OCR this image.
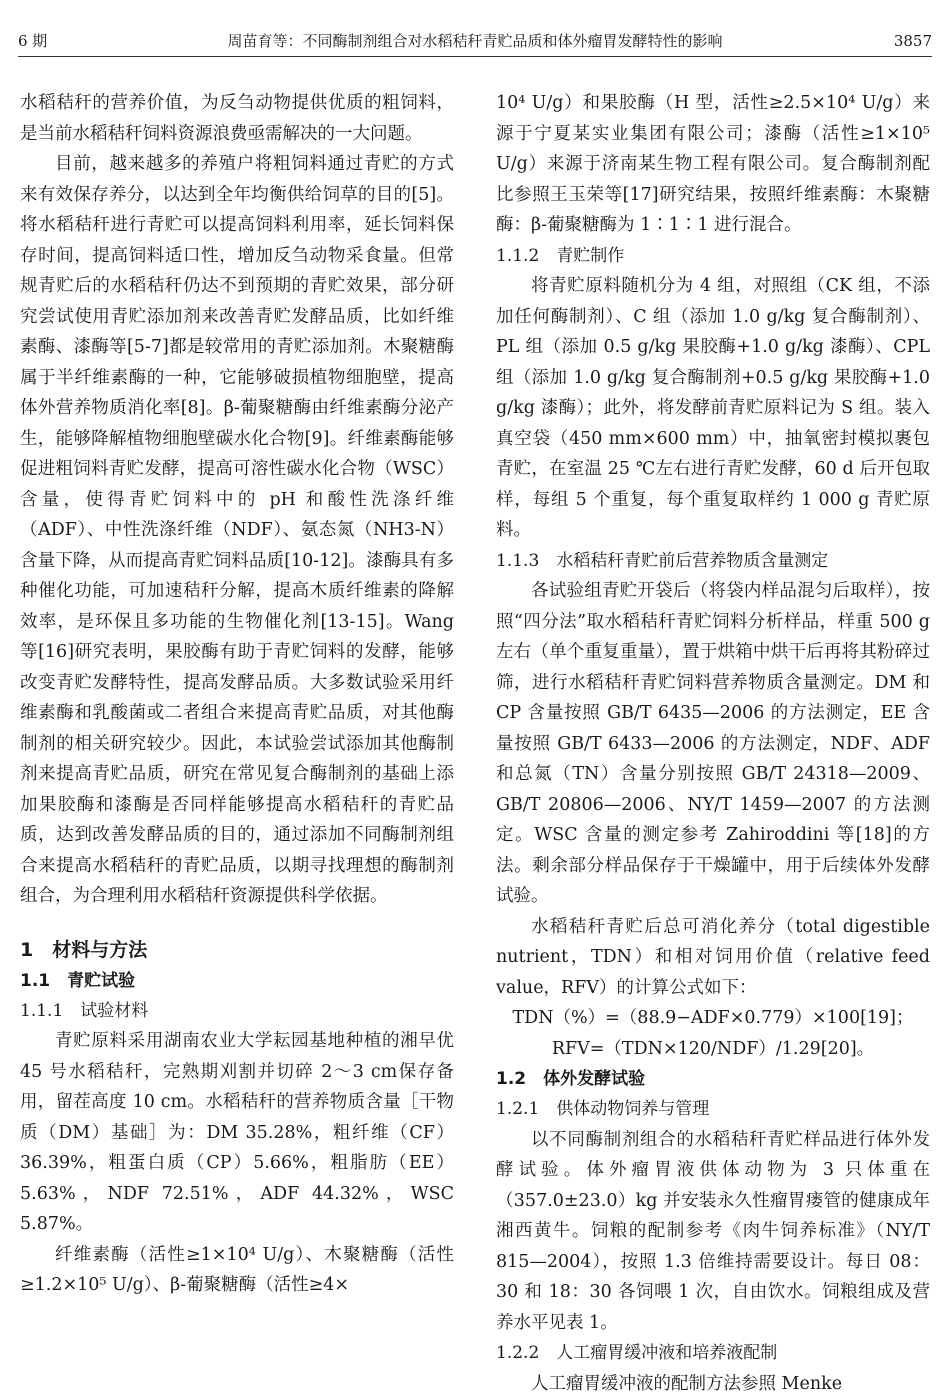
6 期	周苗育等：不同酶制剂组合对水稻秸秆青贮品质和体外瘤胃发酵特性的影响	3857

水稻秸秆的营养价值，为反刍动物提供优质的粗饲料，是当前水稻秸秆饲料资源浪费亟需解决的一大问题。

目前，越来越多的养殖户将粗饲料通过青贮的方式来有效保存养分，以达到全年均衡供给饲草的目的[5]。将水稻秸秆进行青贮可以提高饲料利用率，延长饲料保存时间，提高饲料适口性，增加反刍动物采食量。但常规青贮后的水稻秸秆仍达不到预期的青贮效果，部分研究尝试使用青贮添加剂来改善青贮发酵品质，比如纤维素酶、漆酶等[5-7]都是较常用的青贮添加剂。木聚糖酶属于半纤维素酶的一种，它能够破损植物细胞壁，提高体外营养物质消化率[8]。β-葡聚糖酶由纤维素酶分泌产生，能够降解植物细胞壁碳水化合物[9]。纤维素酶能够促进粗饲料青贮发酵，提高可溶性碳水化合物（WSC）含量，使得青贮饲料中的 pH 和酸性洗涤纤维（ADF）、中性洗涤纤维（NDF）、氨态氮（NH3-N）含量下降，从而提高青贮饲料品质[10-12]。漆酶具有多种催化功能，可加速秸秆分解，提高木质纤维素的降解效率，是环保且多功能的生物催化剂[13-15]。Wang 等[16]研究表明，果胶酶有助于青贮饲料的发酵，能够改变青贮发酵特性，提高发酵品质。大多数试验采用纤维素酶和乳酸菌或二者组合来提高青贮品质，对其他酶制剂的相关研究较少。因此，本试验尝试添加其他酶制剂来提高青贮品质，研究在常见复合酶制剂的基础上添加果胶酶和漆酶是否同样能够提高水稻秸秆的青贮品质，达到改善发酵品质的目的，通过添加不同酶制剂组合来提高水稻秸秆的青贮品质，以期寻找理想的酶制剂组合，为合理利用水稻秸秆资源提供科学依据。

1　材料与方法
1.1　青贮试验
1.1.1　试验材料

青贮原料采用湖南农业大学耘园基地种植的湘早优 45 号水稻秸秆，完熟期刈割并切碎 2～3 cm保存备用，留茬高度 10 cm。水稻秸秆的营养物质含量［干物质（DM）基础］为：DM 35.28%，粗纤维（CF）36.39%，粗蛋白质（CP）5.66%，粗脂肪（EE）5.63%，NDF 72.51%，ADF 44.32%，WSC 5.87%。

纤维素酶（活性≥1×10⁴ U/g）、木聚糖酶（活性≥1.2×10⁵ U/g）、β-葡聚糖酶（活性≥4×

10⁴ U/g）和果胶酶（H 型，活性≥2.5×10⁴ U/g）来源于宁夏某实业集团有限公司；漆酶（活性≥1×10⁵ U/g）来源于济南某生物工程有限公司。复合酶制剂配比参照王玉荣等[17]研究结果，按照纤维素酶：木聚糖酶：β-葡聚糖酶为 1∶1∶1 进行混合。

1.1.2　青贮制作

将青贮原料随机分为 4 组，对照组（CK 组，不添加任何酶制剂）、C 组（添加 1.0 g/kg 复合酶制剂）、PL 组（添加 0.5 g/kg 果胶酶+1.0 g/kg 漆酶）、CPL 组（添加 1.0 g/kg 复合酶制剂+0.5 g/kg 果胶酶+1.0 g/kg 漆酶）；此外，将发酵前青贮原料记为 S 组。装入真空袋（450 mm×600 mm）中，抽氧密封模拟裹包青贮，在室温 25 ℃左右进行青贮发酵，60 d 后开包取样，每组 5 个重复，每个重复取样约 1 000 g 青贮原料。

1.1.3　水稻秸秆青贮前后营养物质含量测定

各试验组青贮开袋后（将袋内样品混匀后取样），按照“四分法”取水稻秸秆青贮饲料分析样品，样重 500 g 左右（单个重复重量），置于烘箱中烘干后再将其粉碎过筛，进行水稻秸秆青贮饲料营养物质含量测定。DM 和 CP 含量按照 GB/T 6435—2006 的方法测定，EE 含量按照 GB/T 6433—2006 的方法测定，NDF、ADF 和总氮（TN）含量分别按照 GB/T 24318—2009、GB/T 20806—2006、NY/T 1459—2007 的方法测定。WSC 含量的测定参考 Zahiroddini 等[18]的方法。剩余部分样品保存于干燥罐中，用于后续体外发酵试验。

水稻秸秆青贮后总可消化养分（total digestible nutrient，TDN）和相对饲用价值（relative feed value，RFV）的计算公式如下：

TDN（%）=（88.9−ADF×0.779）×100[19]；
RFV=（TDN×120/NDF）/1.29[20]。
1.2　体外发酵试验
1.2.1　供体动物饲养与管理

以不同酶制剂组合的水稻秸秆青贮样品进行体外发酵试验。体外瘤胃液供体动物为 3 只体重在（357.0±23.0）kg 并安装永久性瘤胃瘘管的健康成年湘西黄牛。饲粮的配制参考《肉牛饲养标准》（NY/T 815—2004），按照 1.3 倍维持需要设计。每日 08：30 和 18：30 各饲喂 1 次，自由饮水。饲粮组成及营养水平见表 1。

1.2.2　人工瘤胃缓冲液和培养液配制

人工瘤胃缓冲液的配制方法参照 Menke
